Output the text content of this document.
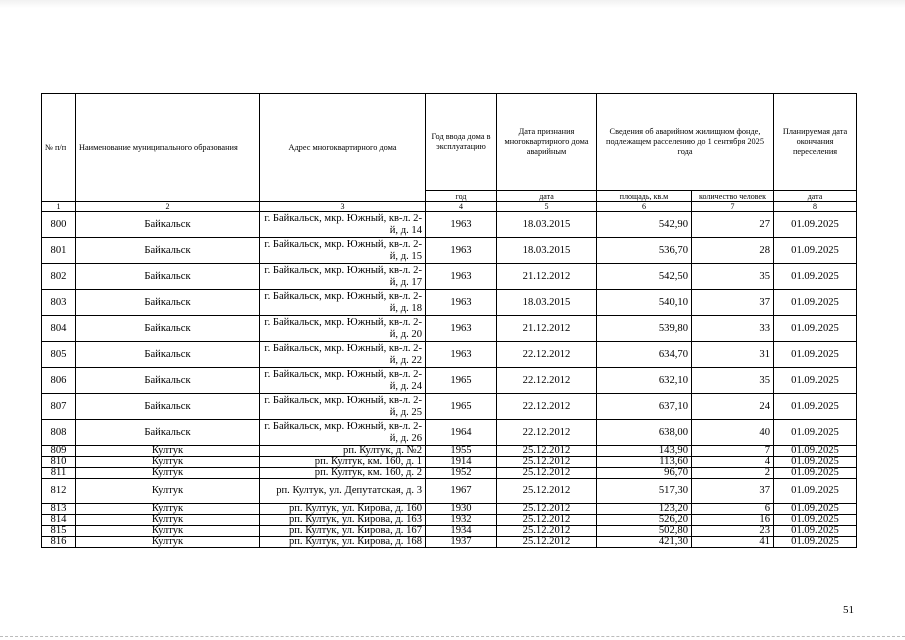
№ п/п	Наименование муниципального образования	Адрес многоквартирного дома	Год ввода дома в эксплуатацию	Дата признания многоквартирного дома аварийным	Сведения об аварийном жилищном фонде, подлежащем расселению до 1 сентября 2025 года		Планируемая дата окончания переселения
			год	дата	площадь, кв.м	количество человек	дата
1	2	3	4	5	6	7	8
800	Байкальск	г. Байкальск, мкр. Южный, кв-л. 2-й, д. 14	1963	18.03.2015	542,90	27	01.09.2025
801	Байкальск	г. Байкальск, мкр. Южный, кв-л. 2-й, д. 15	1963	18.03.2015	536,70	28	01.09.2025
802	Байкальск	г. Байкальск, мкр. Южный, кв-л. 2-й, д. 17	1963	21.12.2012	542,50	35	01.09.2025
803	Байкальск	г. Байкальск, мкр. Южный, кв-л. 2-й, д. 18	1963	18.03.2015	540,10	37	01.09.2025
804	Байкальск	г. Байкальск, мкр. Южный, кв-л. 2-й, д. 20	1963	21.12.2012	539,80	33	01.09.2025
805	Байкальск	г. Байкальск, мкр. Южный, кв-л. 2-й, д. 22	1963	22.12.2012	634,70	31	01.09.2025
806	Байкальск	г. Байкальск, мкр. Южный, кв-л. 2-й, д. 24	1965	22.12.2012	632,10	35	01.09.2025
807	Байкальск	г. Байкальск, мкр. Южный, кв-л. 2-й, д. 25	1965	22.12.2012	637,10	24	01.09.2025
808	Байкальск	г. Байкальск, мкр. Южный, кв-л. 2-й, д. 26	1964	22.12.2012	638,00	40	01.09.2025
809	Култук	рп. Култук, д. №2	1955	25.12.2012	143,90	7	01.09.2025
810	Култук	рп. Култук, км. 160, д. 1	1914	25.12.2012	113,60	4	01.09.2025
811	Култук	рп. Култук, км. 160, д. 2	1952	25.12.2012	96,70	2	01.09.2025
812	Култук	рп. Култук, ул. Депутатская, д. 3	1967	25.12.2012	517,30	37	01.09.2025
813	Култук	рп. Култук, ул. Кирова, д. 160	1930	25.12.2012	123,20	6	01.09.2025
814	Култук	рп. Култук, ул. Кирова, д. 163	1932	25.12.2012	526,20	16	01.09.2025
815	Култук	рп. Култук, ул. Кирова, д. 167	1934	25.12.2012	502,80	23	01.09.2025
816	Култук	рп. Култук, ул. Кирова, д. 168	1937	25.12.2012	421,30	41	01.09.2025
51
